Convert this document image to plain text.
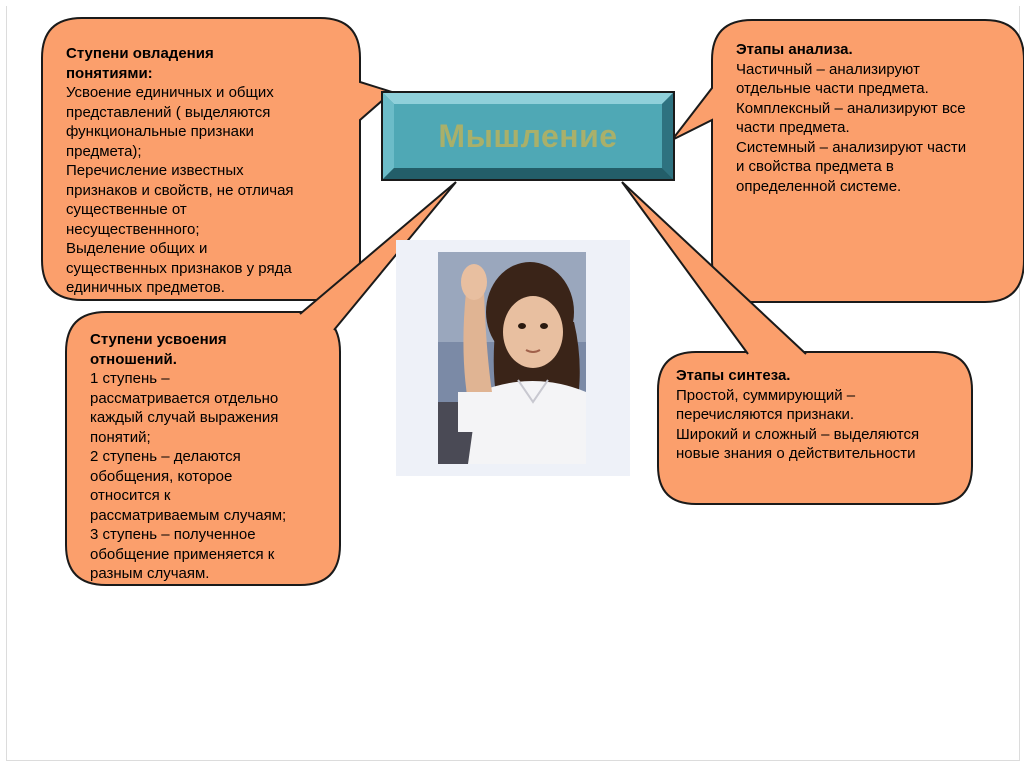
Мышление
Ступени овладения понятиями:
Усвоение единичных и общих
представлений ( выделяются
функциональные признаки
предмета);
Перечисление известных
признаков и свойств, не отличая
существенные от
несущественнного;
Выделение общих и
существенных признаков у ряда
единичных предметов.
Этапы анализа.
Частичный – анализируют
отдельные части предмета.
Комплексный – анализируют все
части предмета.
Системный – анализируют части
и свойства предмета в
определенной системе.
Ступени усвоения отношений.
1 ступень –
рассматривается отдельно
каждый случай выражения
понятий;
2 ступень – делаются
обобщения, которое
относится к
рассматриваемым случаям;
3 ступень – полученное
обобщение применяется к
разным случаям.
Этапы синтеза.
Простой, суммирующий –
перечисляются признаки.
Широкий и сложный – выделяются
новые знания о действительности
